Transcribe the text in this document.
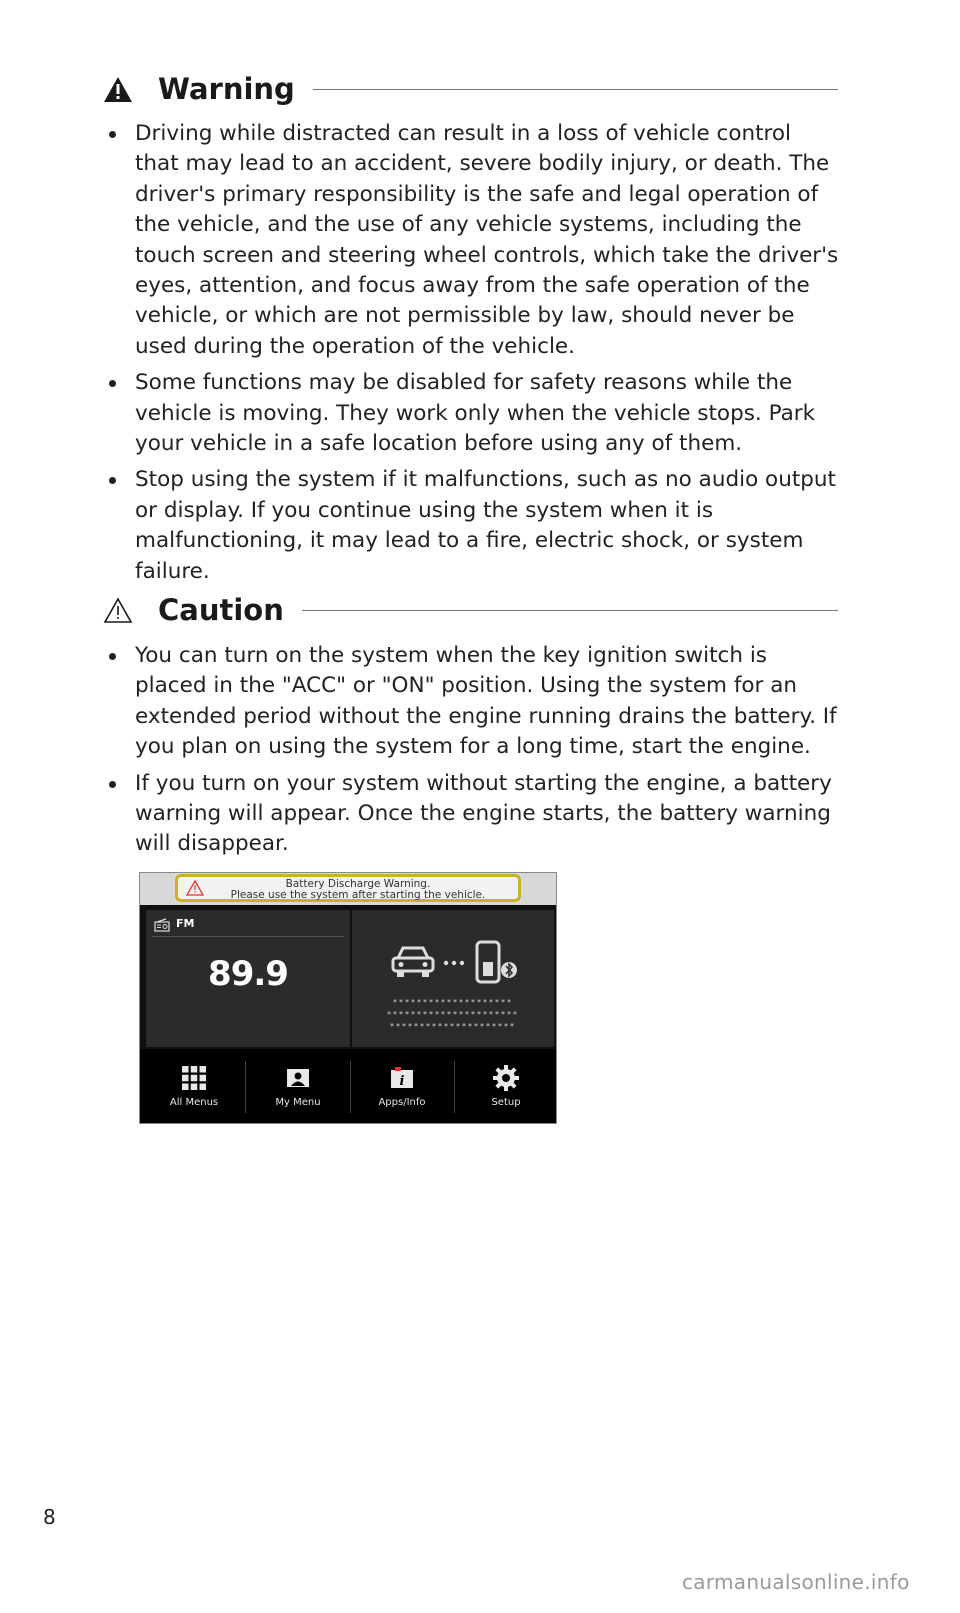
Warning
Driving while distracted can result in a loss of vehicle control that may lead to an accident, severe bodily injury, or death. The driver's primary responsibility is the safe and legal operation of the vehicle, and the use of any vehicle systems, including the touch screen and steering wheel controls, which take the driver's eyes, attention, and focus away from the safe operation of the vehicle, or which are not permissible by law, should never be used during the operation of the vehicle.
Some functions may be disabled for safety reasons while the vehicle is moving. They work only when the vehicle stops. Park your vehicle in a safe location before using any of them.
Stop using the system if it malfunctions, such as no audio output or display. If you continue using the system when it is malfunctioning, it may lead to a fire, electric shock, or system failure.
Caution
You can turn on the system when the key ignition switch is placed in the "ACC" or "ON" position. Using the system for an extended period without the engine running drains the battery. If you plan on using the system for a long time, start the engine.
If you turn on your system without starting the engine, a battery warning will appear. Once the engine starts, the battery warning will disappear.
Battery Discharge Warning.
Please use the system after starting the vehicle.
FM
89.9
********************
**********************
*********************
All Menus	My Menu
i
Apps/Info	Setup
8
carmanualsonline.info
